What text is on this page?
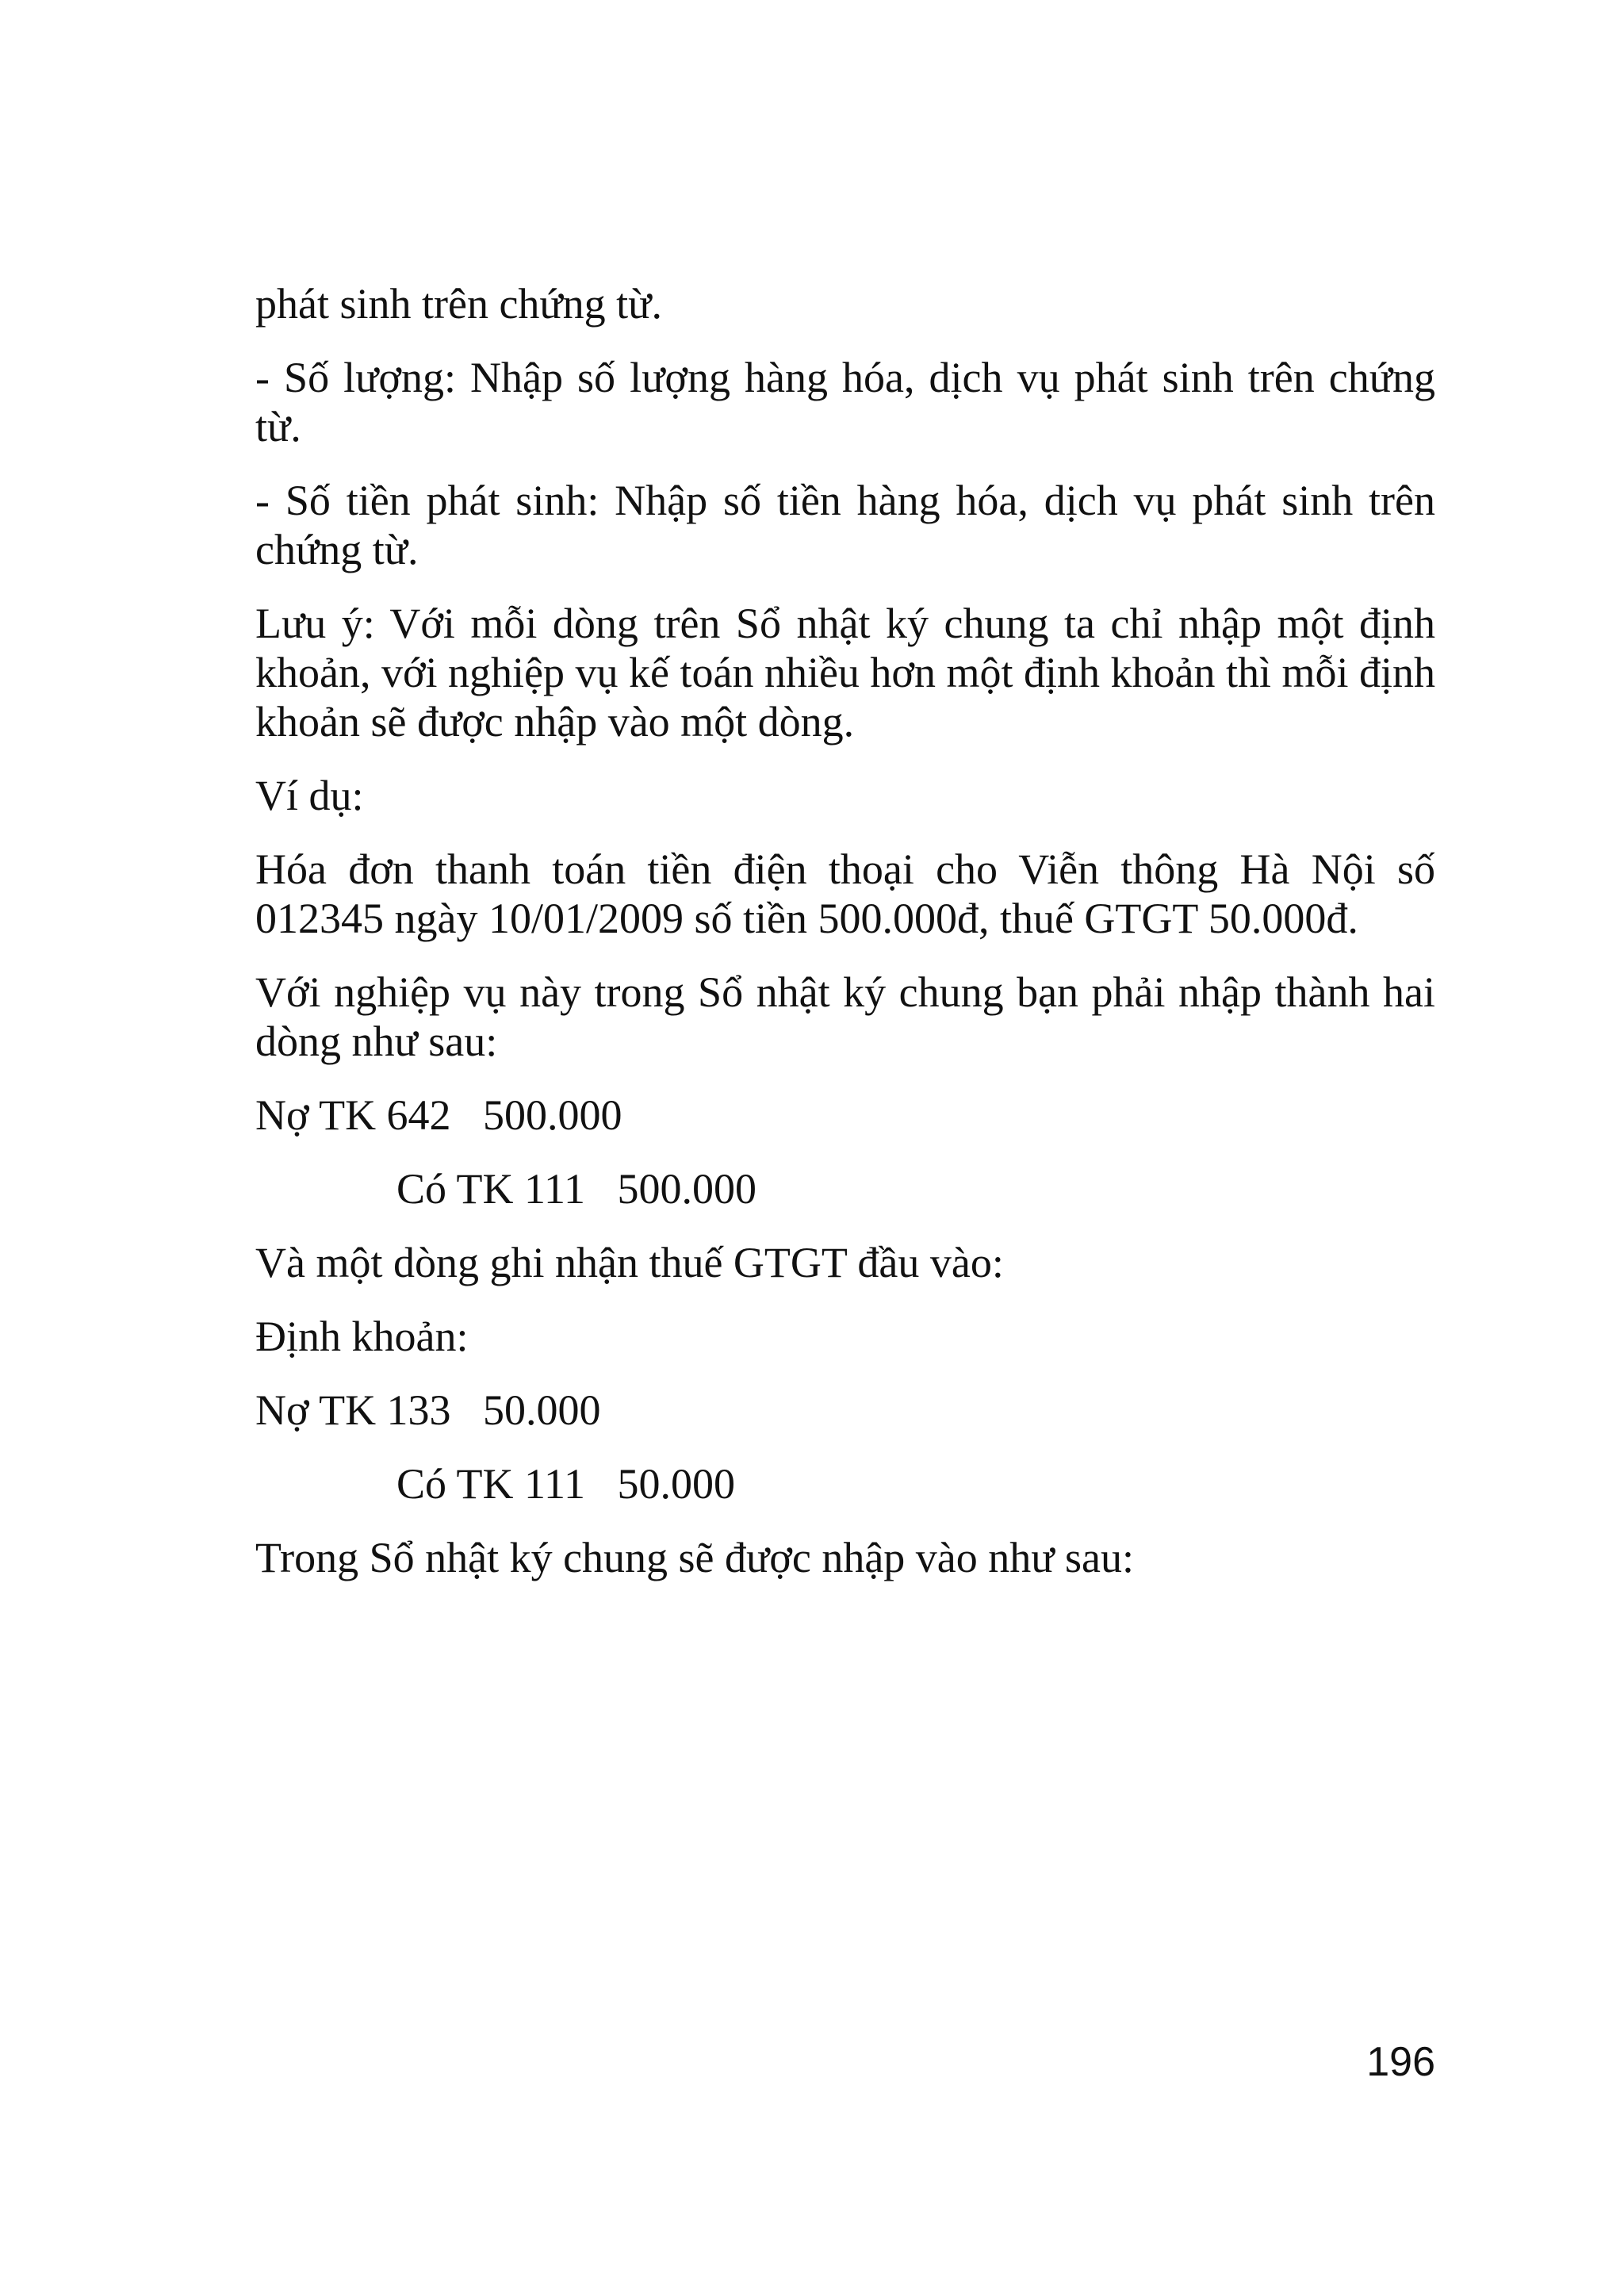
phát sinh trên chứng từ.

- Số lượng: Nhập số lượng hàng hóa, dịch vụ phát sinh trên chứng từ.

- Số tiền phát sinh: Nhập số tiền hàng hóa, dịch vụ phát sinh trên chứng từ.

Lưu ý: Với mỗi dòng trên Sổ nhật ký chung ta chỉ nhập một định khoản, với nghiệp vụ kế toán nhiều hơn một định khoản thì mỗi định khoản sẽ được nhập vào một dòng.

Ví dụ:

Hóa đơn thanh toán tiền điện thoại cho Viễn thông Hà Nội số 012345 ngày 10/01/2009 số tiền 500.000đ, thuế GTGT 50.000đ.

Với nghiệp vụ này trong Sổ nhật ký chung bạn phải nhập thành hai dòng như sau:

Nợ TK 642   500.000

Có TK 111   500.000

Và một dòng ghi nhận thuế GTGT đầu vào:

Định khoản:

Nợ TK 133   50.000

Có TK 111   50.000

Trong Sổ nhật ký chung sẽ được nhập vào như sau:

196
